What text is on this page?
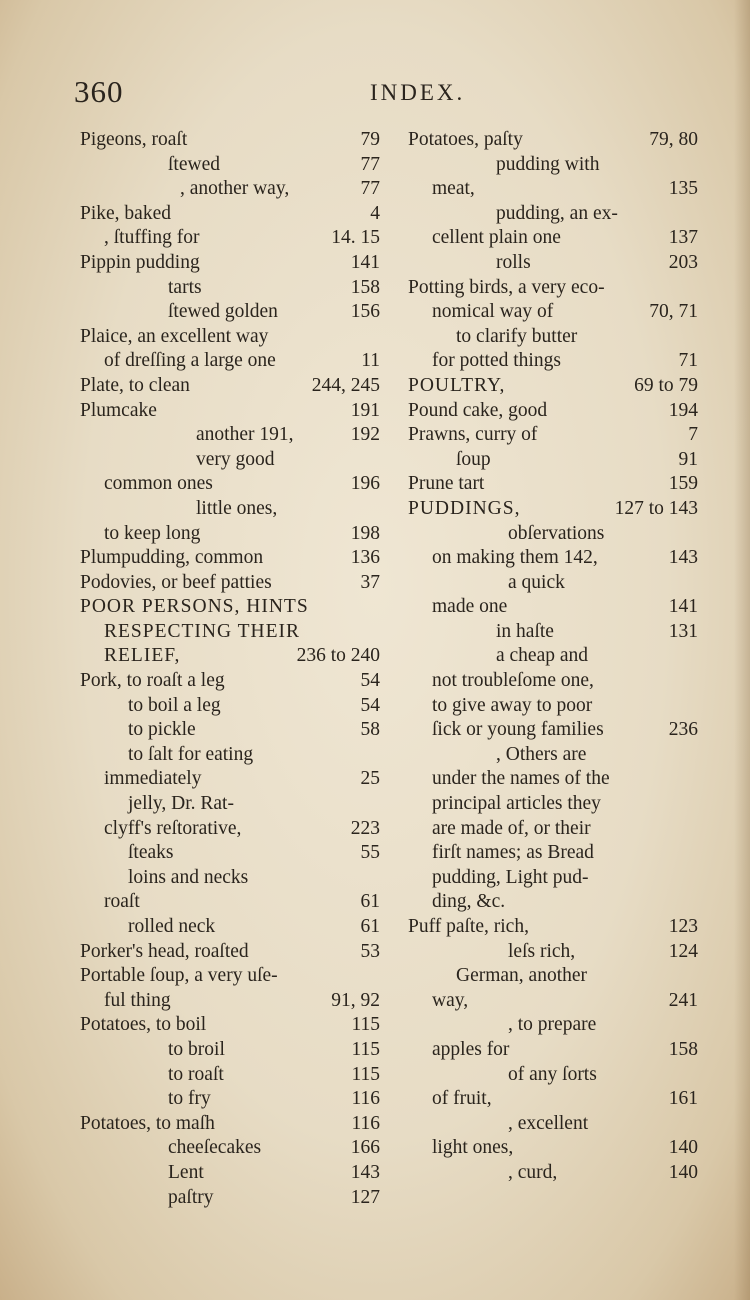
360	INDEX.
Pigeons, roaſt	79
ſtewed	77
, another way,	77
Pike, baked	4
, ſtuffing for	14. 15
Pippin pudding	141
tarts	158
ſtewed golden	156
Plaice, an excellent way
of dreſſing a large one	11
Plate, to clean	244, 245
Plumcake	191
another 191,	192
very good
common ones	196
little ones,
to keep long	198
Plumpudding, common	136
Podovies, or beef patties	37
POOR PERSONS, HINTS
RESPECTING THEIR
RELIEF,	236 to 240
Pork, to roaſt a leg	54
to boil a leg	54
to pickle	58
to ſalt for eating
immediately	25
jelly, Dr. Rat-
clyff's reſtorative,	223
ſteaks	55
loins and necks
roaſt	61
rolled neck	61
Porker's head, roaſted	53
Portable ſoup, a very uſe-
ful thing	91, 92
Potatoes, to boil	115
to broil	115
to roaſt	115
to fry	116
Potatoes, to maſh	116
cheeſecakes	166
Lent	143
paſtry	127
Potatoes, paſty	79, 80
pudding with
meat,	135
pudding, an ex-
cellent plain one	137
rolls	203
Potting birds, a very eco-
nomical way of	70, 71
to clarify butter
for potted things	71
POULTRY,	69 to 79
Pound cake, good	194
Prawns, curry of	7
ſoup	91
Prune tart	159
PUDDINGS,	127 to 143
obſervations
on making them 142,	143
a quick
made one	141
in haſte	131
a cheap and
not troubleſome one,
to give away to poor
ſick or young families	236
, Others are
under the names of the
principal articles they
are made of, or their
firſt names; as Bread
pudding, Light pud-
ding, &c.
Puff paſte, rich,	123
leſs rich,	124
German, another
way,	241
, to prepare
apples for	158
of any ſorts
of fruit,	161
, excellent
light ones,	140
, curd,	140
